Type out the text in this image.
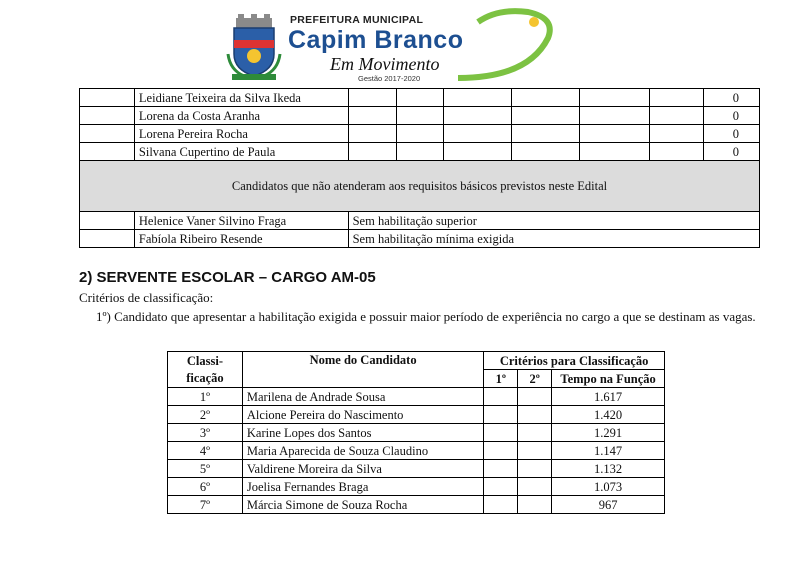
PREFEITURA MUNICIPAL
Capim Branco
Em Movimento
Gestão 2017-2020
	Leidiane Teixeira da Silva Ikeda							0
	Lorena da Costa Aranha							0
	Lorena Pereira Rocha							0
	Silvana Cupertino de Paula							0
Candidatos que não atenderam aos requisitos básicos previstos neste Edital								
	Helenice Vaner Silvino Fraga	Sem habilitação superior						
	Fabíola Ribeiro Resende	Sem habilitação mínima exigida						
2) SERVENTE ESCOLAR – CARGO AM-05
Critérios de classificação:
1º) Candidato que apresentar a habilitação exigida e possuir maior período de experiência no cargo a que se destinam as vagas.
Classi-	Nome do Candidato	Critérios para Classificação		
ficação		1º	2º	Tempo na Função
1º	Marilena de Andrade Sousa			1.617
2º	Alcione Pereira do Nascimento			1.420
3º	Karine Lopes dos Santos			1.291
4º	Maria Aparecida de Souza Claudino			1.147
5º	Valdirene Moreira da Silva			1.132
6º	Joelisa Fernandes Braga			1.073
7º	Márcia Simone de Souza Rocha			967
